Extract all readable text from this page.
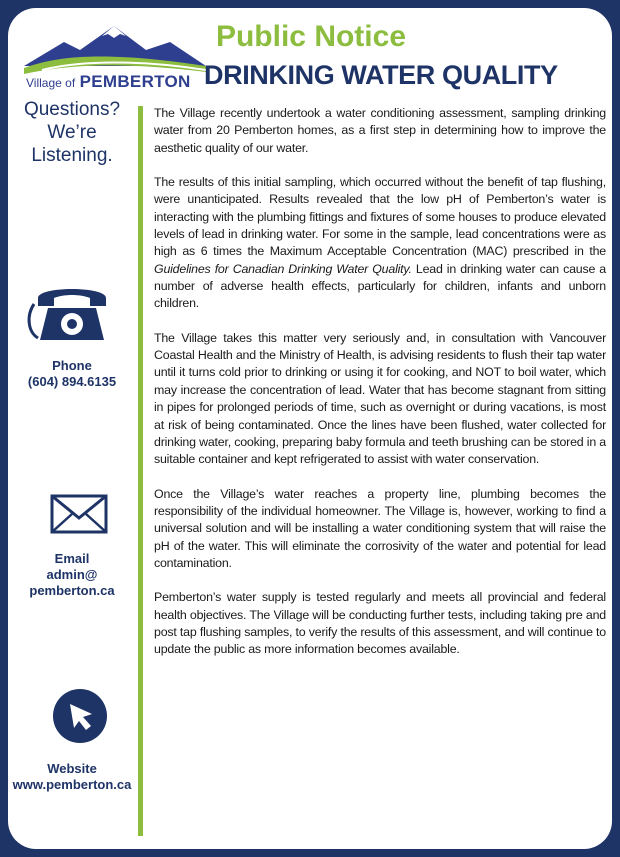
Village of PEMBERTON
Public Notice
DRINKING WATER QUALITY
Questions?
We’re
Listening.
Phone
(604) 894.6135
Email
admin@
pemberton.ca
Website
www.pemberton.ca

The Village recently undertook a water conditioning assessment, sampling drinking water from 20 Pemberton homes, as a first step in determining how to improve the aesthetic quality of our water.

The results of this initial sampling, which occurred without the benefit of tap flushing, were unanticipated. Results revealed that the low pH of Pemberton’s water is interacting with the plumbing fittings and fixtures of some houses to produce elevated levels of lead in drinking water. For some in the sample, lead concentrations were as high as 6 times the Maximum Acceptable Concentration (MAC) prescribed in the Guidelines for Canadian Drinking Water Quality. Lead in drinking water can cause a number of adverse health effects, particularly for children, infants and unborn children.

The Village takes this matter very seriously and, in consultation with Vancouver Coastal Health and the Ministry of Health, is advising residents to flush their tap water until it turns cold prior to drinking or using it for cooking, and NOT to boil water, which may increase the concentration of lead. Water that has become stagnant from sitting in pipes for prolonged periods of time, such as overnight or during vacations, is most at risk of being contaminated. Once the lines have been flushed, water collected for drinking water, cooking, preparing baby formula and teeth brushing can be stored in a suitable container and kept refrigerated to assist with water conservation.

Once the Village’s water reaches a property line, plumbing becomes the responsibility of the individual homeowner. The Village is, however, working to find a universal solution and will be installing a water conditioning system that will raise the pH of the water. This will eliminate the corrosivity of the water and potential for lead contamination.

Pemberton’s water supply is tested regularly and meets all provincial and federal health objectives. The Village will be conducting further tests, including taking pre and post tap flushing samples, to verify the results of this assessment, and will continue to update the public as more information becomes available.
